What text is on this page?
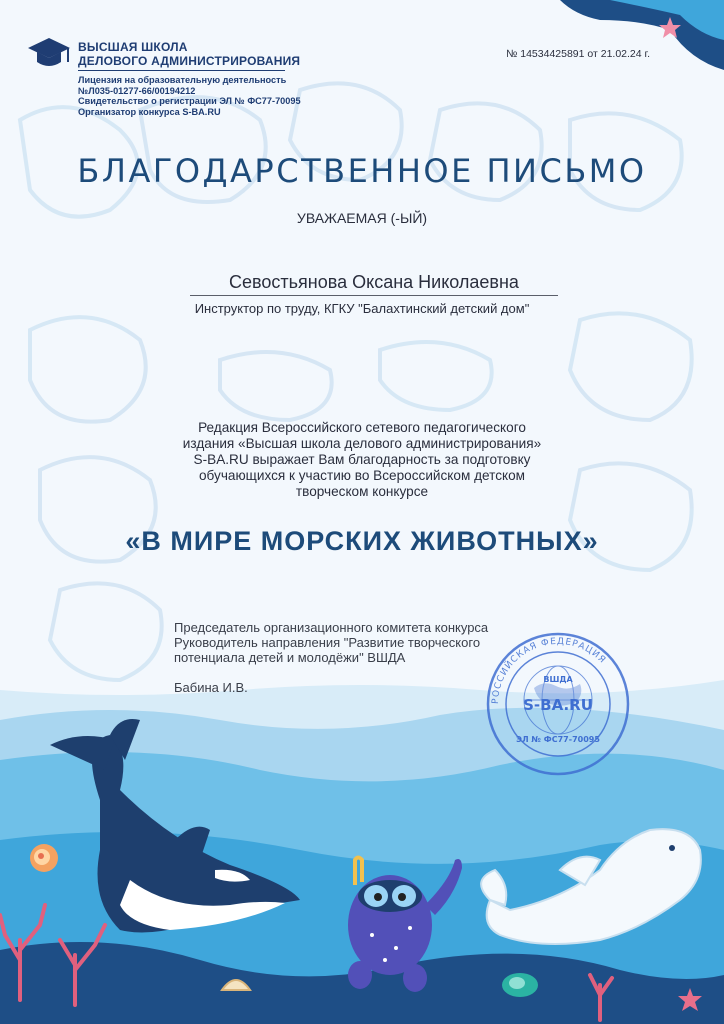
ВЫСШАЯ ШКОЛА
ДЕЛОВОГО АДМИНИСТРИРОВАНИЯ
Лицензия на образовательную деятельность
№Л035-01277-66/00194212
Свидетельство о регистрации ЭЛ № ФС77-70095
Организатор конкурса S-BA.RU
№ 14534425891 от 21.02.24 г.
БЛАГОДАРСТВЕННОЕ ПИСЬМО
УВАЖАЕМАЯ (-ЫЙ)
Севостьянова Оксана Николаевна
Инструктор по труду, КГКУ "Балахтинский детский дом"
Редакция Всероссийского сетевого педагогического
издания «Высшая школа делового администрирования»
S-BA.RU выражает Вам благодарность за подготовку
обучающихся к участию во Всероссийском детском
творческом конкурсе
«В МИРЕ МОРСКИХ ЖИВОТНЫХ»
Председатель организационного комитета конкурса
Руководитель направления "Развитие творческого
потенциала детей и молодёжи" ВШДА
Бабина И.В.
РОССИЙСКАЯ ФЕДЕРАЦИЯ
ВШДА
S-BA.RU
ЭЛ № ФС77-70095
